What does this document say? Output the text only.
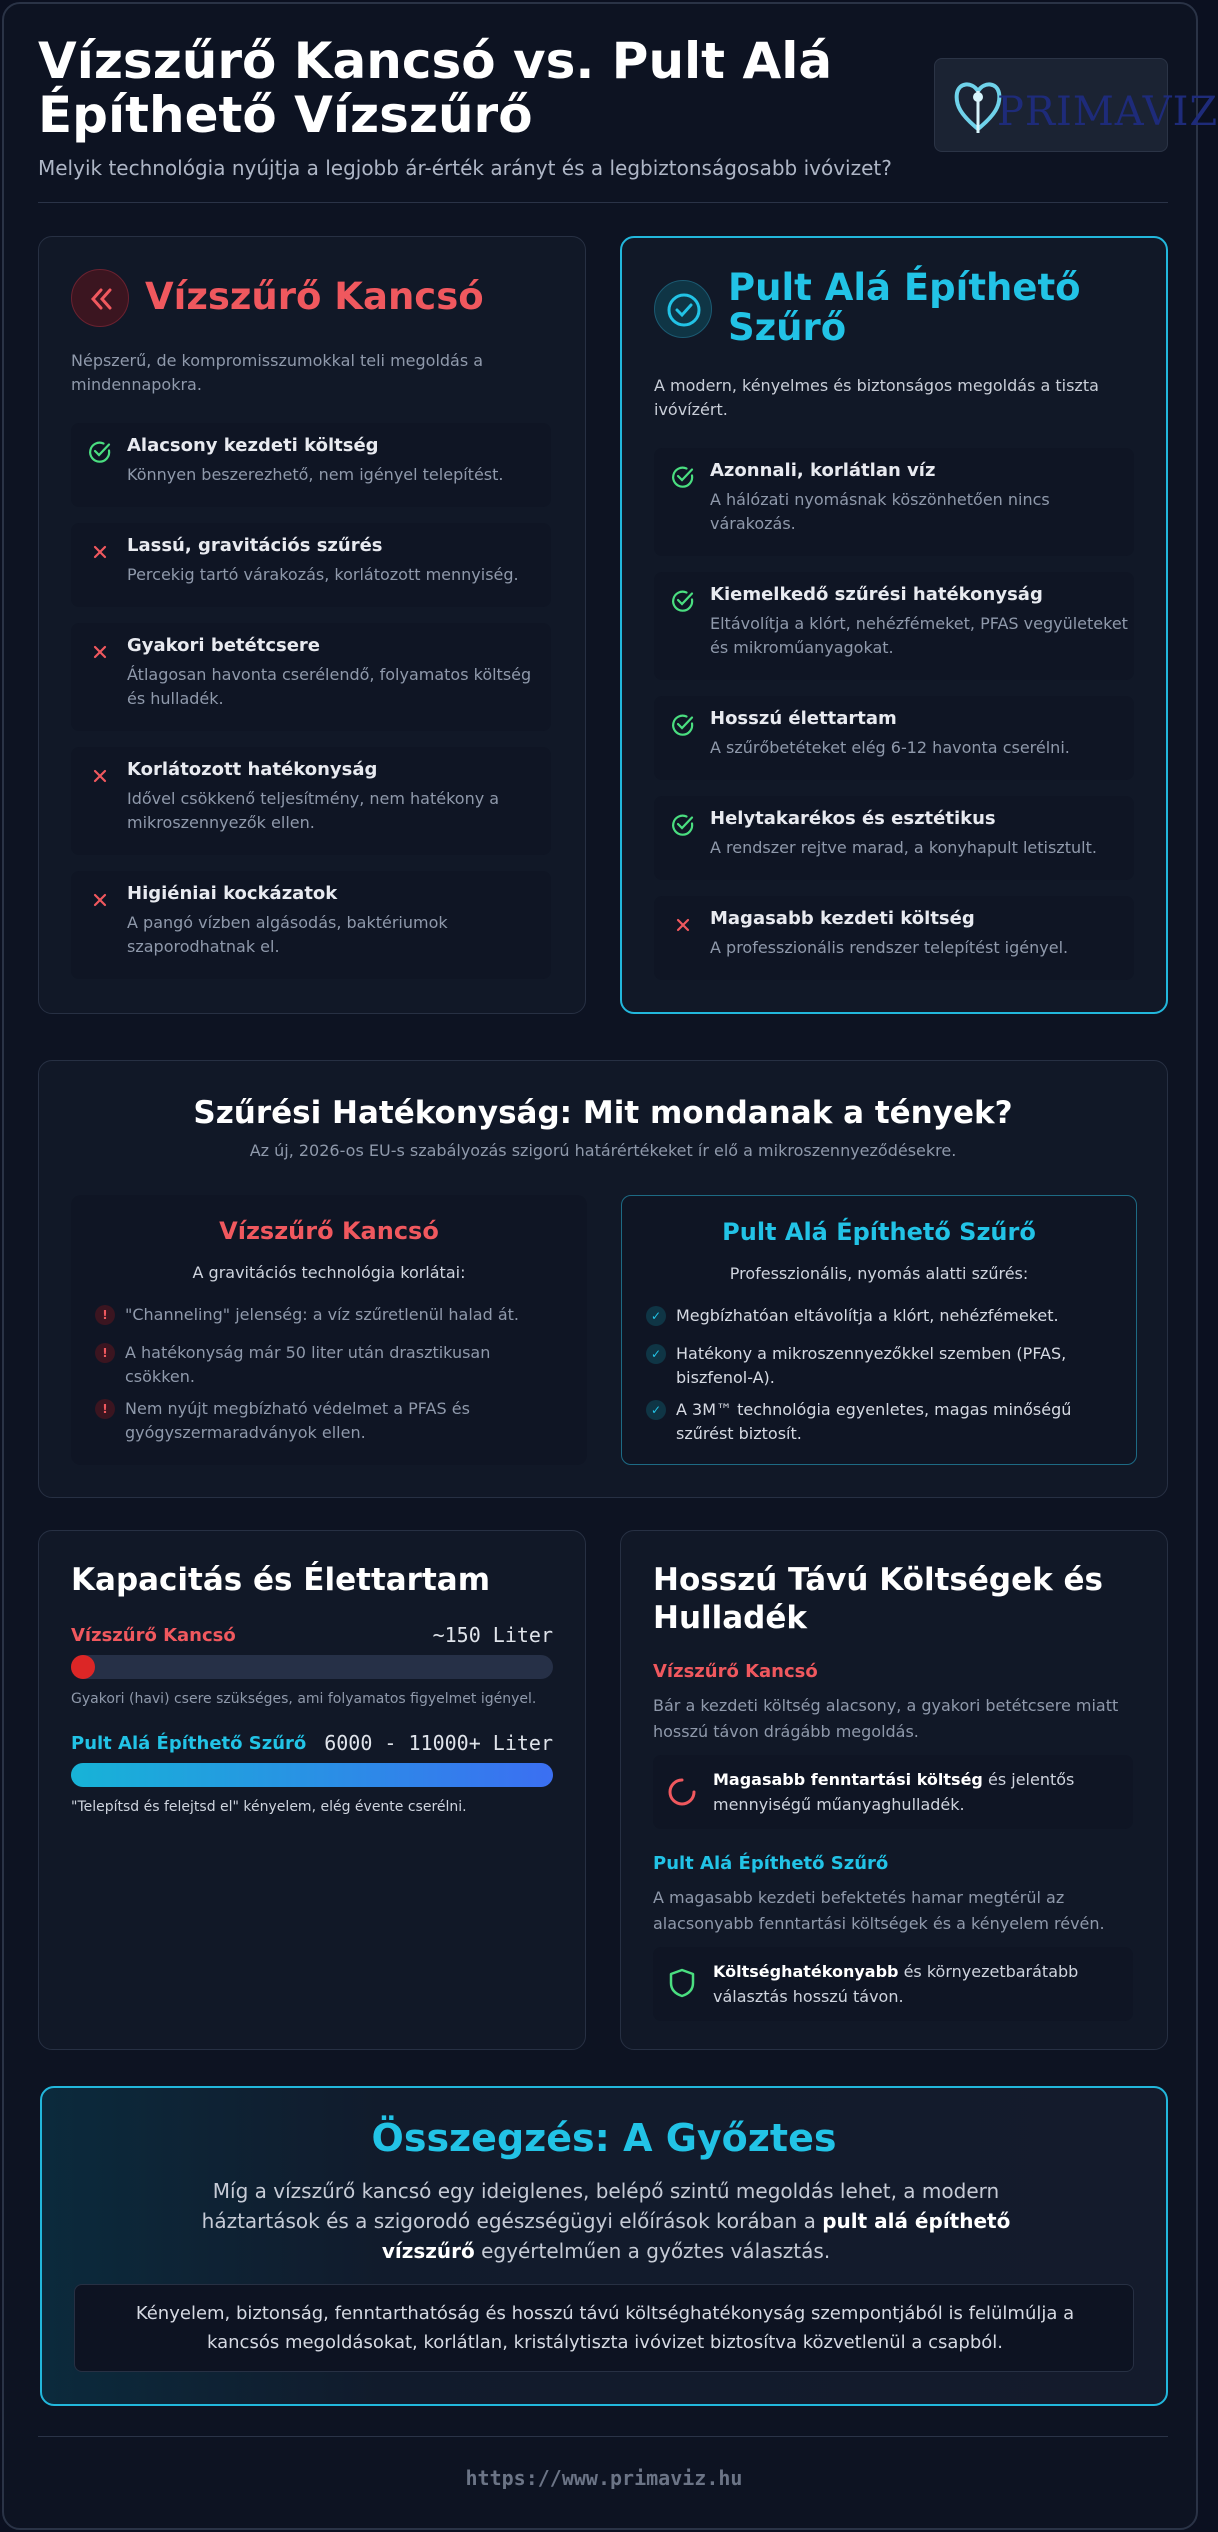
Vízszűrő Kancsó vs. Pult Alá Építhető Vízszűrő
Melyik technológia nyújtja a legjobb ár-érték arányt és a legbiztonságosabb ivóvizet?
PRIMAVIZ
Vízszűrő Kancsó
Népszerű, de kompromisszumokkal teli megoldás a mindennapokra.
Alacsony kezdeti költség
Könnyen beszerezhető, nem igényel telepítést.
Lassú, gravitációs szűrés
Percekig tartó várakozás, korlátozott mennyiség.
Gyakori betétcsere
Átlagosan havonta cserélendő, folyamatos költség és hulladék.
Korlátozott hatékonyság
Idővel csökkenő teljesítmény, nem hatékony a mikroszennyezők ellen.
Higiéniai kockázatok
A pangó vízben algásodás, baktériumok szaporodhatnak el.
Pult Alá Építhető Szűrő
A modern, kényelmes és biztonságos megoldás a tiszta ivóvízért.
Azonnali, korlátlan víz
A hálózati nyomásnak köszönhetően nincs várakozás.
Kiemelkedő szűrési hatékonyság
Eltávolítja a klórt, nehézfémeket, PFAS vegyületeket és mikroműanyagokat.
Hosszú élettartam
A szűrőbetéteket elég 6-12 havonta cserélni.
Helytakarékos és esztétikus
A rendszer rejtve marad, a konyhapult letisztult.
Magasabb kezdeti költség
A professzionális rendszer telepítést igényel.
Szűrési Hatékonyság: Mit mondanak a tények?
Az új, 2026-os EU-s szabályozás szigorú határértékeket ír elő a mikroszennyeződésekre.
Vízszűrő Kancsó
A gravitációs technológia korlátai:
!	"Channeling" jelenség: a víz szűretlenül halad át.
!	A hatékonyság már 50 liter után drasztikusan csökken.
!	Nem nyújt megbízható védelmet a PFAS és gyógyszermaradványok ellen.
Pult Alá Építhető Szűrő
Professzionális, nyomás alatti szűrés:
✓ Megbízhatóan eltávolítja a klórt, nehézfémeket.
✓ Hatékony a mikroszennyezőkkel szemben (PFAS, biszfenol-A).
✓ A 3M™ technológia egyenletes, magas minőségű szűrést biztosít.
Kapacitás és Élettartam
Vízszűrő Kancsó	~150 Liter
Gyakori (havi) csere szükséges, ami folyamatos figyelmet igényel.
Pult Alá Építhető Szűrő 6000 - 11000+ Liter
"Telepítsd és felejtsd el" kényelem, elég évente cserélni.
Hosszú Távú Költségek és Hulladék
Vízszűrő Kancsó
Bár a kezdeti költség alacsony, a gyakori betétcsere miatt hosszú távon drágább megoldás.
Magasabb fenntartási költség és jelentős mennyiségű műanyaghulladék.
Pult Alá Építhető Szűrő
A magasabb kezdeti befektetés hamar megtérül az alacsonyabb fenntartási költségek és a kényelem révén.
Költséghatékonyabb és környezetbarátabb választás hosszú távon.
Összegzés: A Győztes
Míg a vízszűrő kancsó egy ideiglenes, belépő szintű megoldás lehet, a modern háztartások és a szigorodó egészségügyi előírások korában a pult alá építhető vízszűrő egyértelműen a győztes választás.
Kényelem, biztonság, fenntarthatóság és hosszú távú költséghatékonyság szempontjából is felülmúlja a kancsós megoldásokat, korlátlan, kristálytiszta ivóvizet biztosítva közvetlenül a csapból.
https://www.primaviz.hu
